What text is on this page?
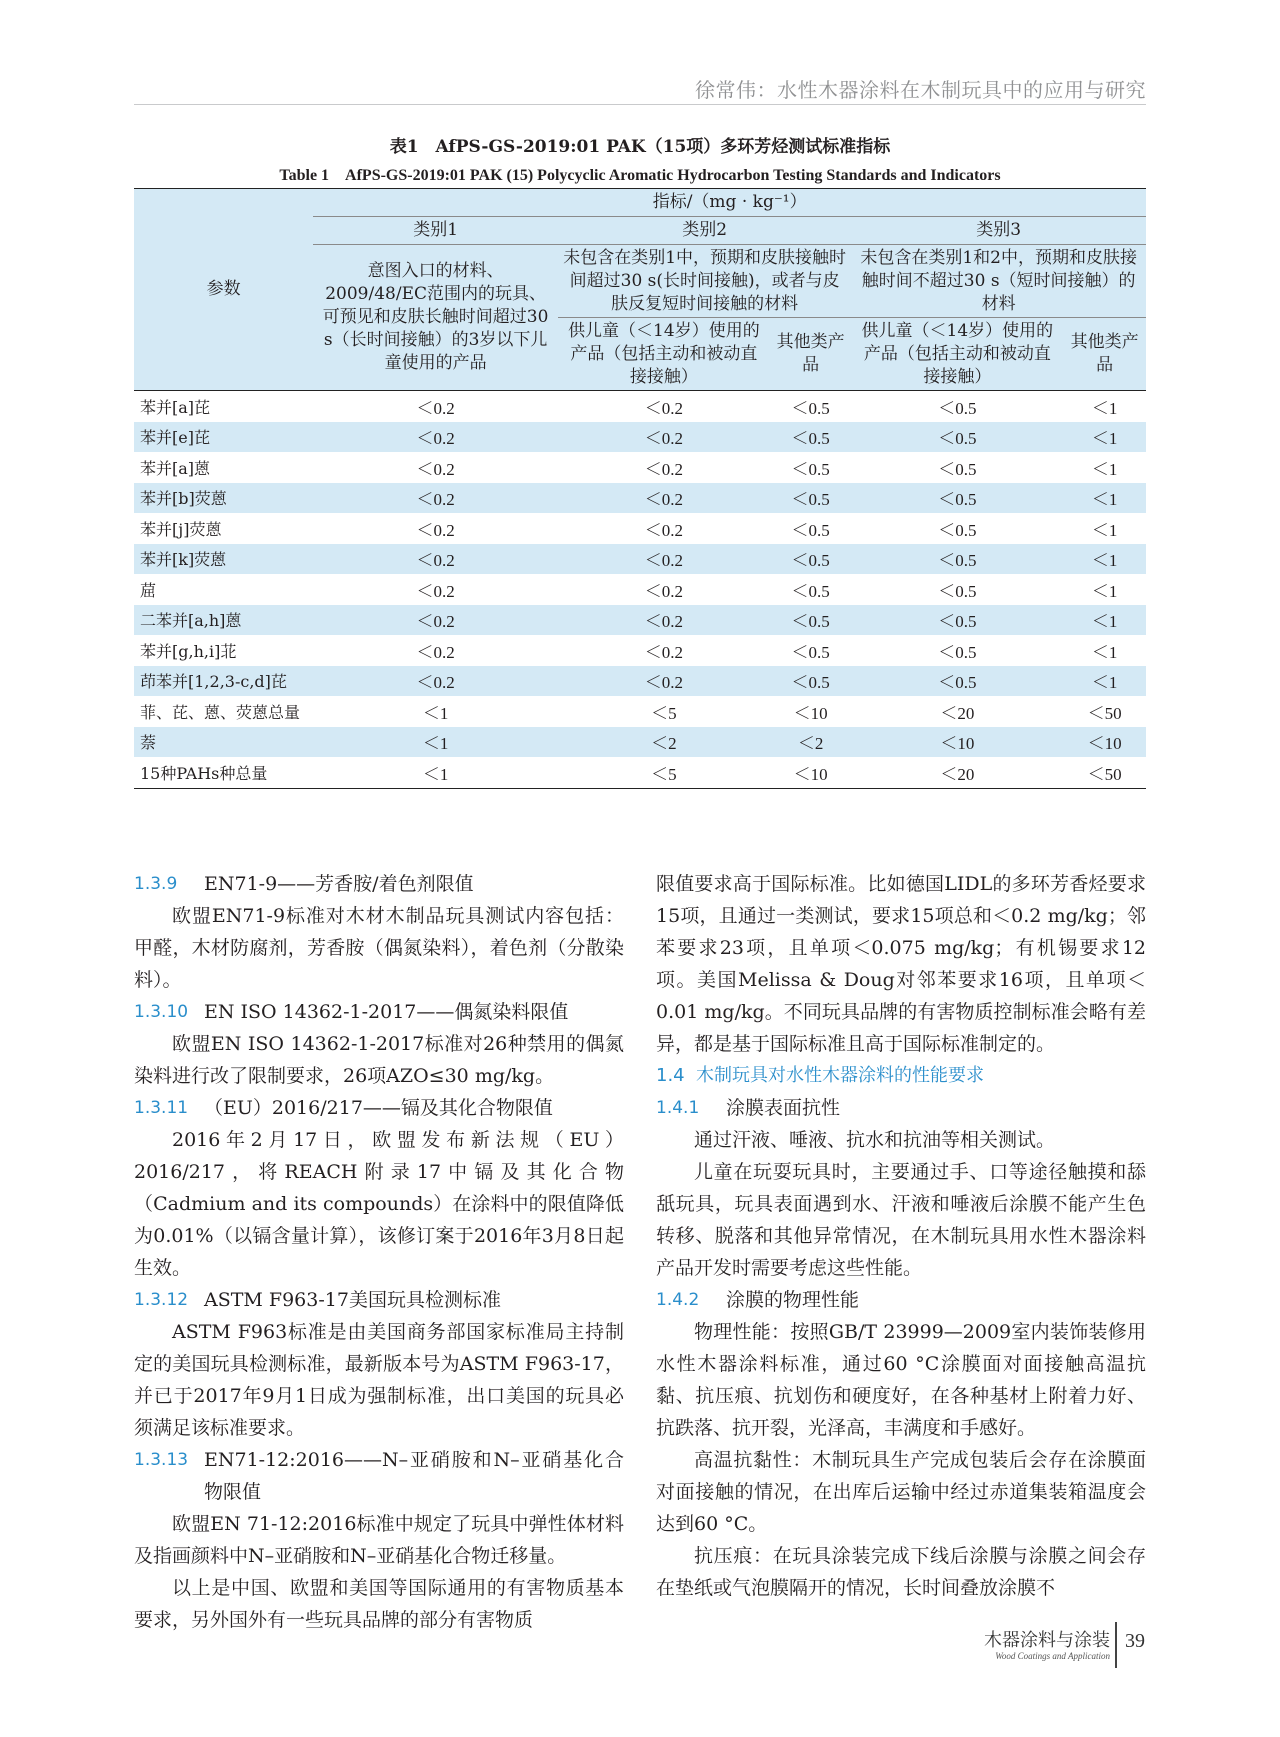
徐常伟：水性木器涂料在木制玩具中的应用与研究
表1　AfPS-GS-2019:01 PAK（15项）多环芳烃测试标准指标
Table 1　AfPS-GS-2019:01 PAK (15) Polycyclic Aromatic Hydrocarbon Testing Standards and Indicators
参数	指标/（mg · kg⁻¹）				
	类别1	类别2		类别3	
	意图入口的材料、2009/48/EC范围内的玩具、可预见和皮肤长触时间超过30 s（长时间接触）的3岁以下儿童使用的产品	未包含在类别1中，预期和皮肤接触时间超过30 s(长时间接触)，或者与皮肤反复短时间接触的材料		未包含在类别1和2中，预期和皮肤接触时间不超过30 s（短时间接触）的材料	
		供儿童（＜14岁）使用的产品（包括主动和被动直接接触）	其他类产品	供儿童（＜14岁）使用的产品（包括主动和被动直接接触）	其他类产品
苯并[a]芘	＜0.2	＜0.2	＜0.5	＜0.5	＜1
苯并[e]芘	＜0.2	＜0.2	＜0.5	＜0.5	＜1
苯并[a]蒽	＜0.2	＜0.2	＜0.5	＜0.5	＜1
苯并[b]荧蒽	＜0.2	＜0.2	＜0.5	＜0.5	＜1
苯并[j]荧蒽	＜0.2	＜0.2	＜0.5	＜0.5	＜1
苯并[k]荧蒽	＜0.2	＜0.2	＜0.5	＜0.5	＜1
䓛	＜0.2	＜0.2	＜0.5	＜0.5	＜1
二苯并[a,h]蒽	＜0.2	＜0.2	＜0.5	＜0.5	＜1
苯并[g,h,i]苝	＜0.2	＜0.2	＜0.5	＜0.5	＜1
茚苯并[1,2,3-c,d]芘	＜0.2	＜0.2	＜0.5	＜0.5	＜1
菲、芘、蒽、荧蒽总量	＜1	＜5	＜10	＜20	＜50
萘	＜1	＜2	＜2	＜10	＜10
15种PAHs种总量	＜1	＜5	＜10	＜20	＜50
1.3.9	EN71-9——芳香胺/着色剂限值

欧盟EN71-9标准对木材木制品玩具测试内容包括：甲醛，木材防腐剂，芳香胺（偶氮染料），着色剂（分散染料）。

1.3.10 EN ISO 14362-1-2017——偶氮染料限值

欧盟EN ISO 14362-1-2017标准对26种禁用的偶氮染料进行改了限制要求，26项AZO≤30 mg/kg。

1.3.11 （EU）2016/217——镉及其化合物限值

2016年2月17日，欧盟发布新法规（EU）2016/217，将REACH附录17中镉及其化合物（Cadmium and its compounds）在涂料中的限值降低为0.01%（以镉含量计算），该修订案于2016年3月8日起生效。

1.3.12 ASTM F963-17美国玩具检测标准

ASTM F963标准是由美国商务部国家标准局主持制定的美国玩具检测标准，最新版本号为ASTM F963-17，并已于2017年9月1日成为强制标准，出口美国的玩具必须满足该标准要求。

1.3.13 EN71-12:2016——N–亚硝胺和N–亚硝基化合物限值

欧盟EN 71-12:2016标准中规定了玩具中弹性体材料及指画颜料中N–亚硝胺和N–亚硝基化合物迁移量。

以上是中国、欧盟和美国等国际通用的有害物质基本要求，另外国外有一些玩具品牌的部分有害物质

限值要求高于国际标准。比如德国LIDL的多环芳香烃要求15项，且通过一类测试，要求15项总和＜0.2 mg/kg；邻苯要求23项，且单项＜0.075 mg/kg；有机锡要求12项。美国Melissa & Doug对邻苯要求16项，且单项＜0.01 mg/kg。不同玩具品牌的有害物质控制标准会略有差异，都是基于国际标准且高于国际标准制定的。

1.4 木制玩具对水性木器涂料的性能要求
1.4.1	涂膜表面抗性

通过汗液、唾液、抗水和抗油等相关测试。

儿童在玩耍玩具时，主要通过手、口等途径触摸和舔舐玩具，玩具表面遇到水、汗液和唾液后涂膜不能产生色转移、脱落和其他异常情况，在木制玩具用水性木器涂料产品开发时需要考虑这些性能。

1.4.2	涂膜的物理性能

物理性能：按照GB/T 23999—2009室内装饰装修用水性木器涂料标准，通过60 °C涂膜面对面接触高温抗黏、抗压痕、抗划伤和硬度好，在各种基材上附着力好、抗跌落、抗开裂，光泽高，丰满度和手感好。

高温抗黏性：木制玩具生产完成包装后会存在涂膜面对面接触的情况，在出库后运输中经过赤道集装箱温度会达到60 °C。

抗压痕：在玩具涂装完成下线后涂膜与涂膜之间会存在垫纸或气泡膜隔开的情况，长时间叠放涂膜不

木器涂料与涂装
Wood Coatings and Application
39
